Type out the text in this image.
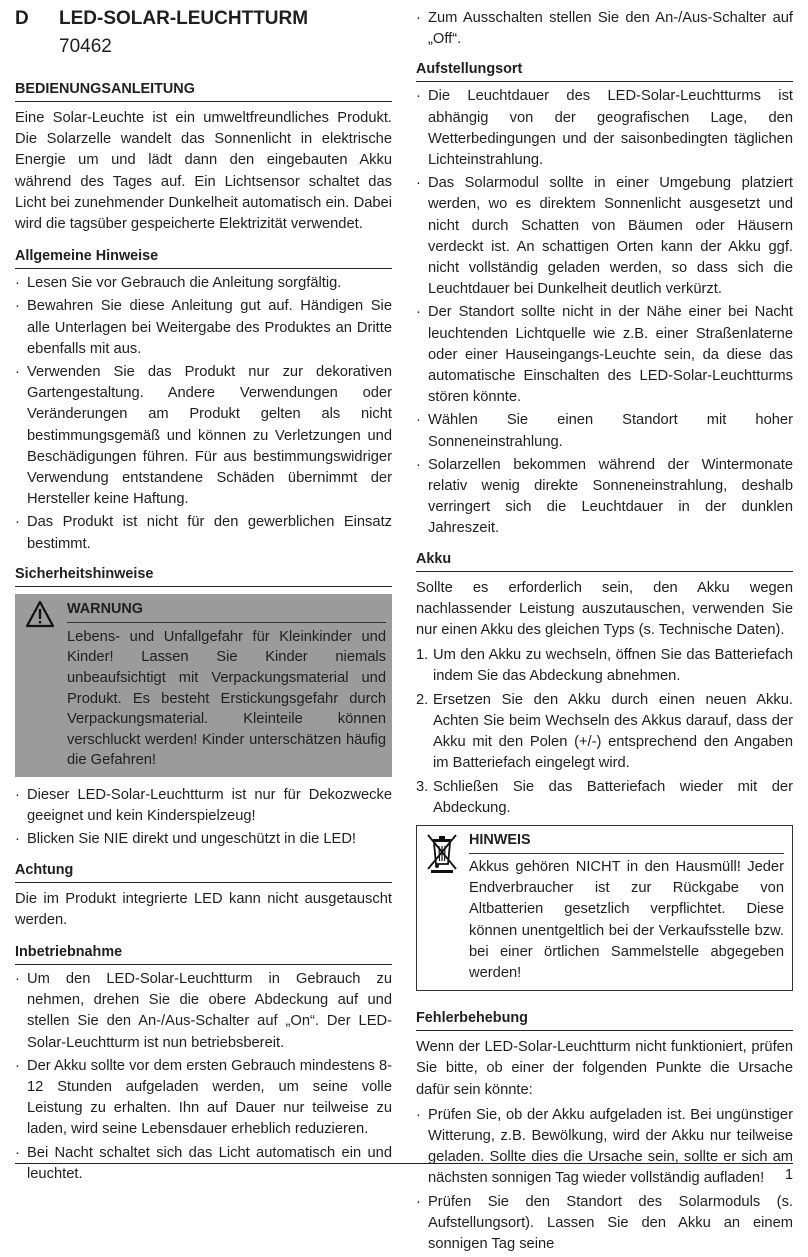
D LED-SOLAR-LEUCHTTURM
70462
BEDIENUNGSANLEITUNG

Eine Solar-Leuchte ist ein umweltfreundliches Produkt. Die Solarzelle wandelt das Sonnenlicht in elektrische Energie um und lädt dann den eingebauten Akku während des Tages auf. Ein Lichtsensor schaltet das Licht bei zunehmender Dunkelheit automatisch ein. Dabei wird die tagsüber gespeicherte Elektrizität verwendet.

Allgemeine Hinweise
· Lesen Sie vor Gebrauch die Anleitung sorgfältig.
· Bewahren Sie diese Anleitung gut auf. Händigen Sie alle Unterlagen bei Weitergabe des Produktes an Dritte ebenfalls mit aus.
· Verwenden Sie das Produkt nur zur dekorativen Gartengestaltung. Andere Verwendungen oder Veränderungen am Produkt gelten als nicht bestimmungsgemäß und können zu Verletzungen und Beschädigungen führen. Für aus bestimmungswidriger Verwendung entstandene Schäden übernimmt der Hersteller keine Haftung.
· Das Produkt ist nicht für den gewerblichen Einsatz bestimmt.
Sicherheitshinweise
WARNUNG
Lebens- und Unfallgefahr für Kleinkinder und Kinder! Lassen Sie Kinder niemals unbeaufsichtigt mit Verpackungsmaterial und Produkt. Es besteht Erstickungsgefahr durch Verpackungsmaterial. Kleinteile können verschluckt werden! Kinder unterschätzen häufig die Gefahren!
· Dieser LED-Solar-Leuchtturm ist nur für Dekozwecke geeignet und kein Kinderspielzeug!
· Blicken Sie NIE direkt und ungeschützt in die LED!
Achtung

Die im Produkt integrierte LED kann nicht ausgetauscht werden.

Inbetriebnahme
· Um den LED-Solar-Leuchtturm in Gebrauch zu nehmen, drehen Sie die obere Abdeckung auf und stellen Sie den An-/Aus-Schalter auf „On“. Der LED-Solar-Leuchtturm ist nun betriebsbereit.
· Der Akku sollte vor dem ersten Gebrauch mindestens 8-12 Stunden aufgeladen werden, um seine volle Leistung zu erhalten. Ihn auf Dauer nur teilweise zu laden, wird seine Lebensdauer erheblich reduzieren.
· Bei Nacht schaltet sich das Licht automatisch ein und leuchtet.
· Zum Ausschalten stellen Sie den An-/Aus-Schalter auf „Off“.
Aufstellungsort
· Die Leuchtdauer des LED-Solar-Leuchtturms ist abhängig von der geografischen Lage, den Wetterbedingungen und der saisonbedingten täglichen Lichteinstrahlung.
· Das Solarmodul sollte in einer Umgebung platziert werden, wo es direktem Sonnenlicht ausgesetzt und nicht durch Schatten von Bäumen oder Häusern verdeckt ist. An schattigen Orten kann der Akku ggf. nicht vollständig geladen werden, so dass sich die Leuchtdauer bei Dunkelheit deutlich verkürzt.
· Der Standort sollte nicht in der Nähe einer bei Nacht leuchtenden Lichtquelle wie z.B. einer Straßenlaterne oder einer Hauseingangs-Leuchte sein, da diese das automatische Einschalten des LED-Solar-Leuchtturms stören könnte.
· Wählen Sie einen Standort mit hoher Sonneneinstrahlung.
· Solarzellen bekommen während der Wintermonate relativ wenig direkte Sonneneinstrahlung, deshalb verringert sich die Leuchtdauer in der dunklen Jahreszeit.
Akku

Sollte es erforderlich sein, den Akku wegen nachlassender Leistung auszutauschen, verwenden Sie nur einen Akku des gleichen Typs (s. Technische Daten).

1. Um den Akku zu wechseln, öffnen Sie das Batteriefach indem Sie das Abdeckung abnehmen.
2. Ersetzen Sie den Akku durch einen neuen Akku. Achten Sie beim Wechseln des Akkus darauf, dass der Akku mit den Polen (+/-) entsprechend den Angaben im Batteriefach eingelegt wird.
3. Schließen Sie das Batteriefach wieder mit der Abdeckung.
HINWEIS
Akkus gehören NICHT in den Hausmüll! Jeder Endverbraucher ist zur Rückgabe von Altbatterien gesetzlich verpflichtet. Diese können unentgeltlich bei der Verkaufsstelle bzw. bei einer örtlichen Sammelstelle abgegeben werden!
Fehlerbehebung

Wenn der LED-Solar-Leuchtturm nicht funktioniert, prüfen Sie bitte, ob einer der folgenden Punkte die Ursache dafür sein könnte:

· Prüfen Sie, ob der Akku aufgeladen ist. Bei ungünstiger Witterung, z.B. Bewölkung, wird der Akku nur teilweise geladen. Sollte dies die Ursache sein, sollte er sich am nächsten sonnigen Tag wieder vollständig aufladen!
· Prüfen Sie den Standort des Solarmoduls (s. Aufstellungsort). Lassen Sie den Akku an einem sonnigen Tag seine
1
